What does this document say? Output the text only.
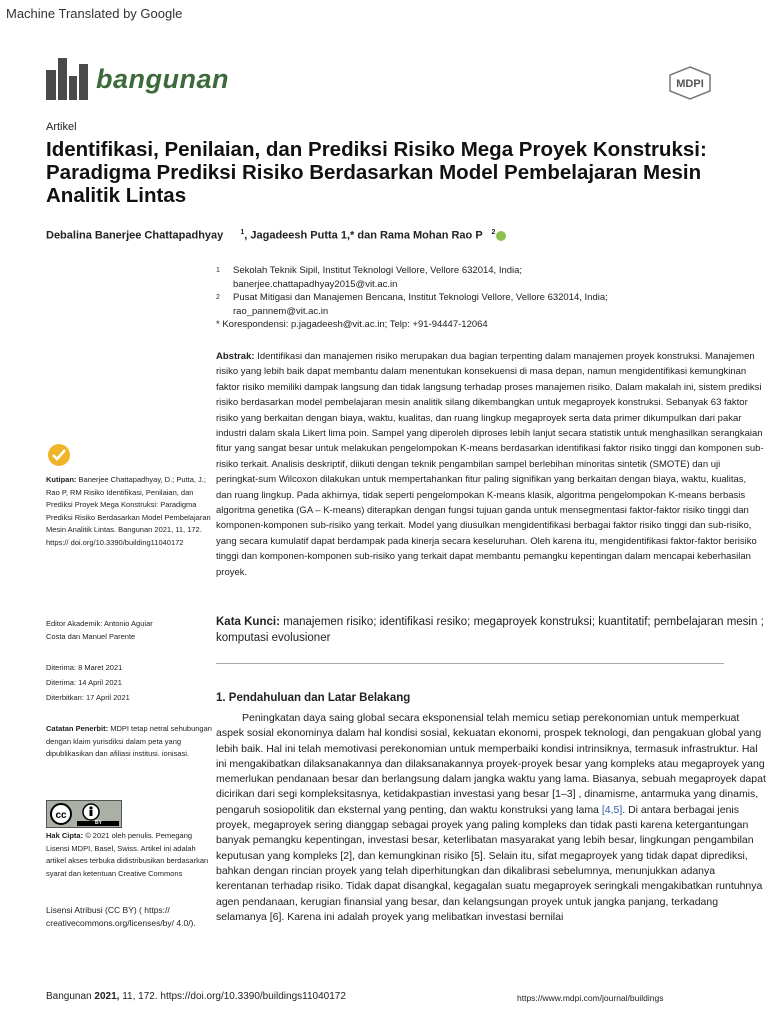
Machine Translated by Google
bangunan	MDPI
Artikel
Identifikasi, Penilaian, dan Prediksi Risiko Mega Proyek Konstruksi: Paradigma Prediksi Risiko Berdasarkan Model Pembelajaran Mesin Analitik Lintas
Debalina Banerjee Chattapadhyay $^1$, Jagadeesh Putta 1,* dan Rama Mohan Rao P $^2$
1 Sekolah Teknik Sipil, Institut Teknologi Vellore, Vellore 632014, India;
banerjee.chattapadhyay2015@vit.ac.in
2 Pusat Mitigasi dan Manajemen Bencana, Institut Teknologi Vellore, Vellore 632014, India;
rao_pannem@vit.ac.in
* Korespondensi: p.jagadeesh@vit.ac.in; Telp: +91-94447-12064
Abstrak: Identifikasi dan manajemen risiko merupakan dua bagian terpenting dalam manajemen proyek konstruksi. Manajemen risiko yang lebih baik dapat membantu dalam menentukan konsekuensi di masa depan, namun mengidentifikasi kemungkinan faktor risiko memiliki dampak langsung dan tidak langsung terhadap proses manajemen risiko. Dalam makalah ini, sistem prediksi risiko berdasarkan model pembelajaran mesin analitik silang dikembangkan untuk megaproyek konstruksi. Sebanyak 63 faktor risiko yang berkaitan dengan biaya, waktu, kualitas, dan ruang lingkup megaproyek serta data primer dikumpulkan dari pakar industri dalam skala Likert lima poin. Sampel yang diperoleh diproses lebih lanjut secara statistik untuk menghasilkan serangkaian fitur yang sangat besar untuk melakukan pengelompokan K-means berdasarkan identifikasi faktor risiko tinggi dan komponen sub-risiko terkait. Analisis deskriptif, diikuti dengan teknik pengambilan sampel berlebihan minoritas sintetik (SMOTE) dan uji peringkat-sum Wilcoxon dilakukan untuk mempertahankan fitur paling signifikan yang berkaitan dengan biaya, waktu, kualitas, dan ruang lingkup. Pada akhirnya, tidak seperti pengelompokan K-means klasik, algoritma pengelompokan K-means berbasis algoritma genetika (GA – K-means) diterapkan dengan fungsi tujuan ganda untuk mensegmentasi faktor-faktor risiko tinggi dan komponen-komponen sub-risiko yang terkait. Model yang diusulkan mengidentifikasi berbagai faktor risiko tinggi dan sub-risiko, yang secara kumulatif dapat berdampak pada kinerja secara keseluruhan. Oleh karena itu, mengidentifikasi faktor-faktor berisiko tinggi dan komponen-komponen sub-risiko yang terkait dapat membantu pemangku kepentingan dalam mencapai keberhasilan proyek.
Kata Kunci: manajemen risiko; identifikasi resiko; megaproyek konstruksi; kuantitatif; pembelajaran mesin ; komputasi evolusioner
1. Pendahuluan dan Latar Belakang

Peningkatan daya saing global secara eksponensial telah memicu setiap perekonomian untuk memperkuat aspek sosial ekonominya dalam hal kondisi sosial, kekuatan ekonomi, prospek teknologi, dan pengakuan global yang lebih baik. Hal ini telah memotivasi perekonomian untuk memperbaiki kondisi intrinsiknya, termasuk infrastruktur. Hal ini mengakibatkan dilaksanakannya dan dilaksanakannya proyek-proyek besar yang kompleks atau megaproyek yang memerlukan pendanaan besar dan berlangsung dalam jangka waktu yang lama. Biasanya, sebuah megaproyek dapat dicirikan dari segi kompleksitasnya, ketidakpastian investasi yang besar [1–3] , dinamisme, antarmuka yang dinamis, pengaruh sosiopolitik dan eksternal yang penting, dan waktu konstruksi yang lama [4,5]. Di antara berbagai jenis proyek, megaproyek sering dianggap sebagai proyek yang paling kompleks dan tidak pasti karena ketergantungan banyak pemangku kepentingan, investasi besar, keterlibatan masyarakat yang lebih besar, lingkungan pengambilan keputusan yang kompleks [2], dan kemungkinan risiko [5]. Selain itu, sifat megaproyek yang tidak dapat diprediksi, bahkan dengan rincian proyek yang telah diperhitungkan dan dikalibrasi sebelumnya, menunjukkan adanya kerentanan terhadap risiko. Tidak dapat disangkal, kegagalan suatu megaproyek seringkali mengakibatkan runtuhnya agen pendanaan, kerugian finansial yang besar, dan kelangsungan proyek untuk jangka panjang, terkadang selamanya [6]. Karena ini adalah proyek yang melibatkan investasi bernilai

Kutipan: Banerjee Chattapadhyay, D.; Putta, J.; Rao P, RM Risiko Identifikasi, Penilaian, dan Prediksi Proyek Mega Konstruksi: Paradigma Prediksi Risiko Berdasarkan Model Pembelajaran Mesin Analitik Lintas. Bangunan 2021, 11, 172. https:// doi.org/10.3390/building11040172
Editor Akademik: Antonio Aguiar Costa dan Manuel Parente
Diterima: 8 Maret 2021
Diterima: 14 April 2021
Diterbitkan: 17 April 2021
Catatan Penerbit: MDPI tetap netral sehubungan dengan klaim yurisdiksi dalam peta yang dipublikasikan dan afiliasi institusi. ionisasi.
cc
BY
Hak Cipta: © 2021 oleh penulis. Pemegang Lisensi MDPI, Basel, Swiss. Artikel ini adalah artikel akses terbuka didistribusikan berdasarkan syarat dan ketentuan Creative Commons
Lisensi Atribusi (CC BY) ( https:// creativecommons.org/licenses/by/ 4.0/).
Bangunan 2021, 11, 172. https://doi.org/10.3390/buildings11040172	https://www.mdpi.com/journal/buildings
